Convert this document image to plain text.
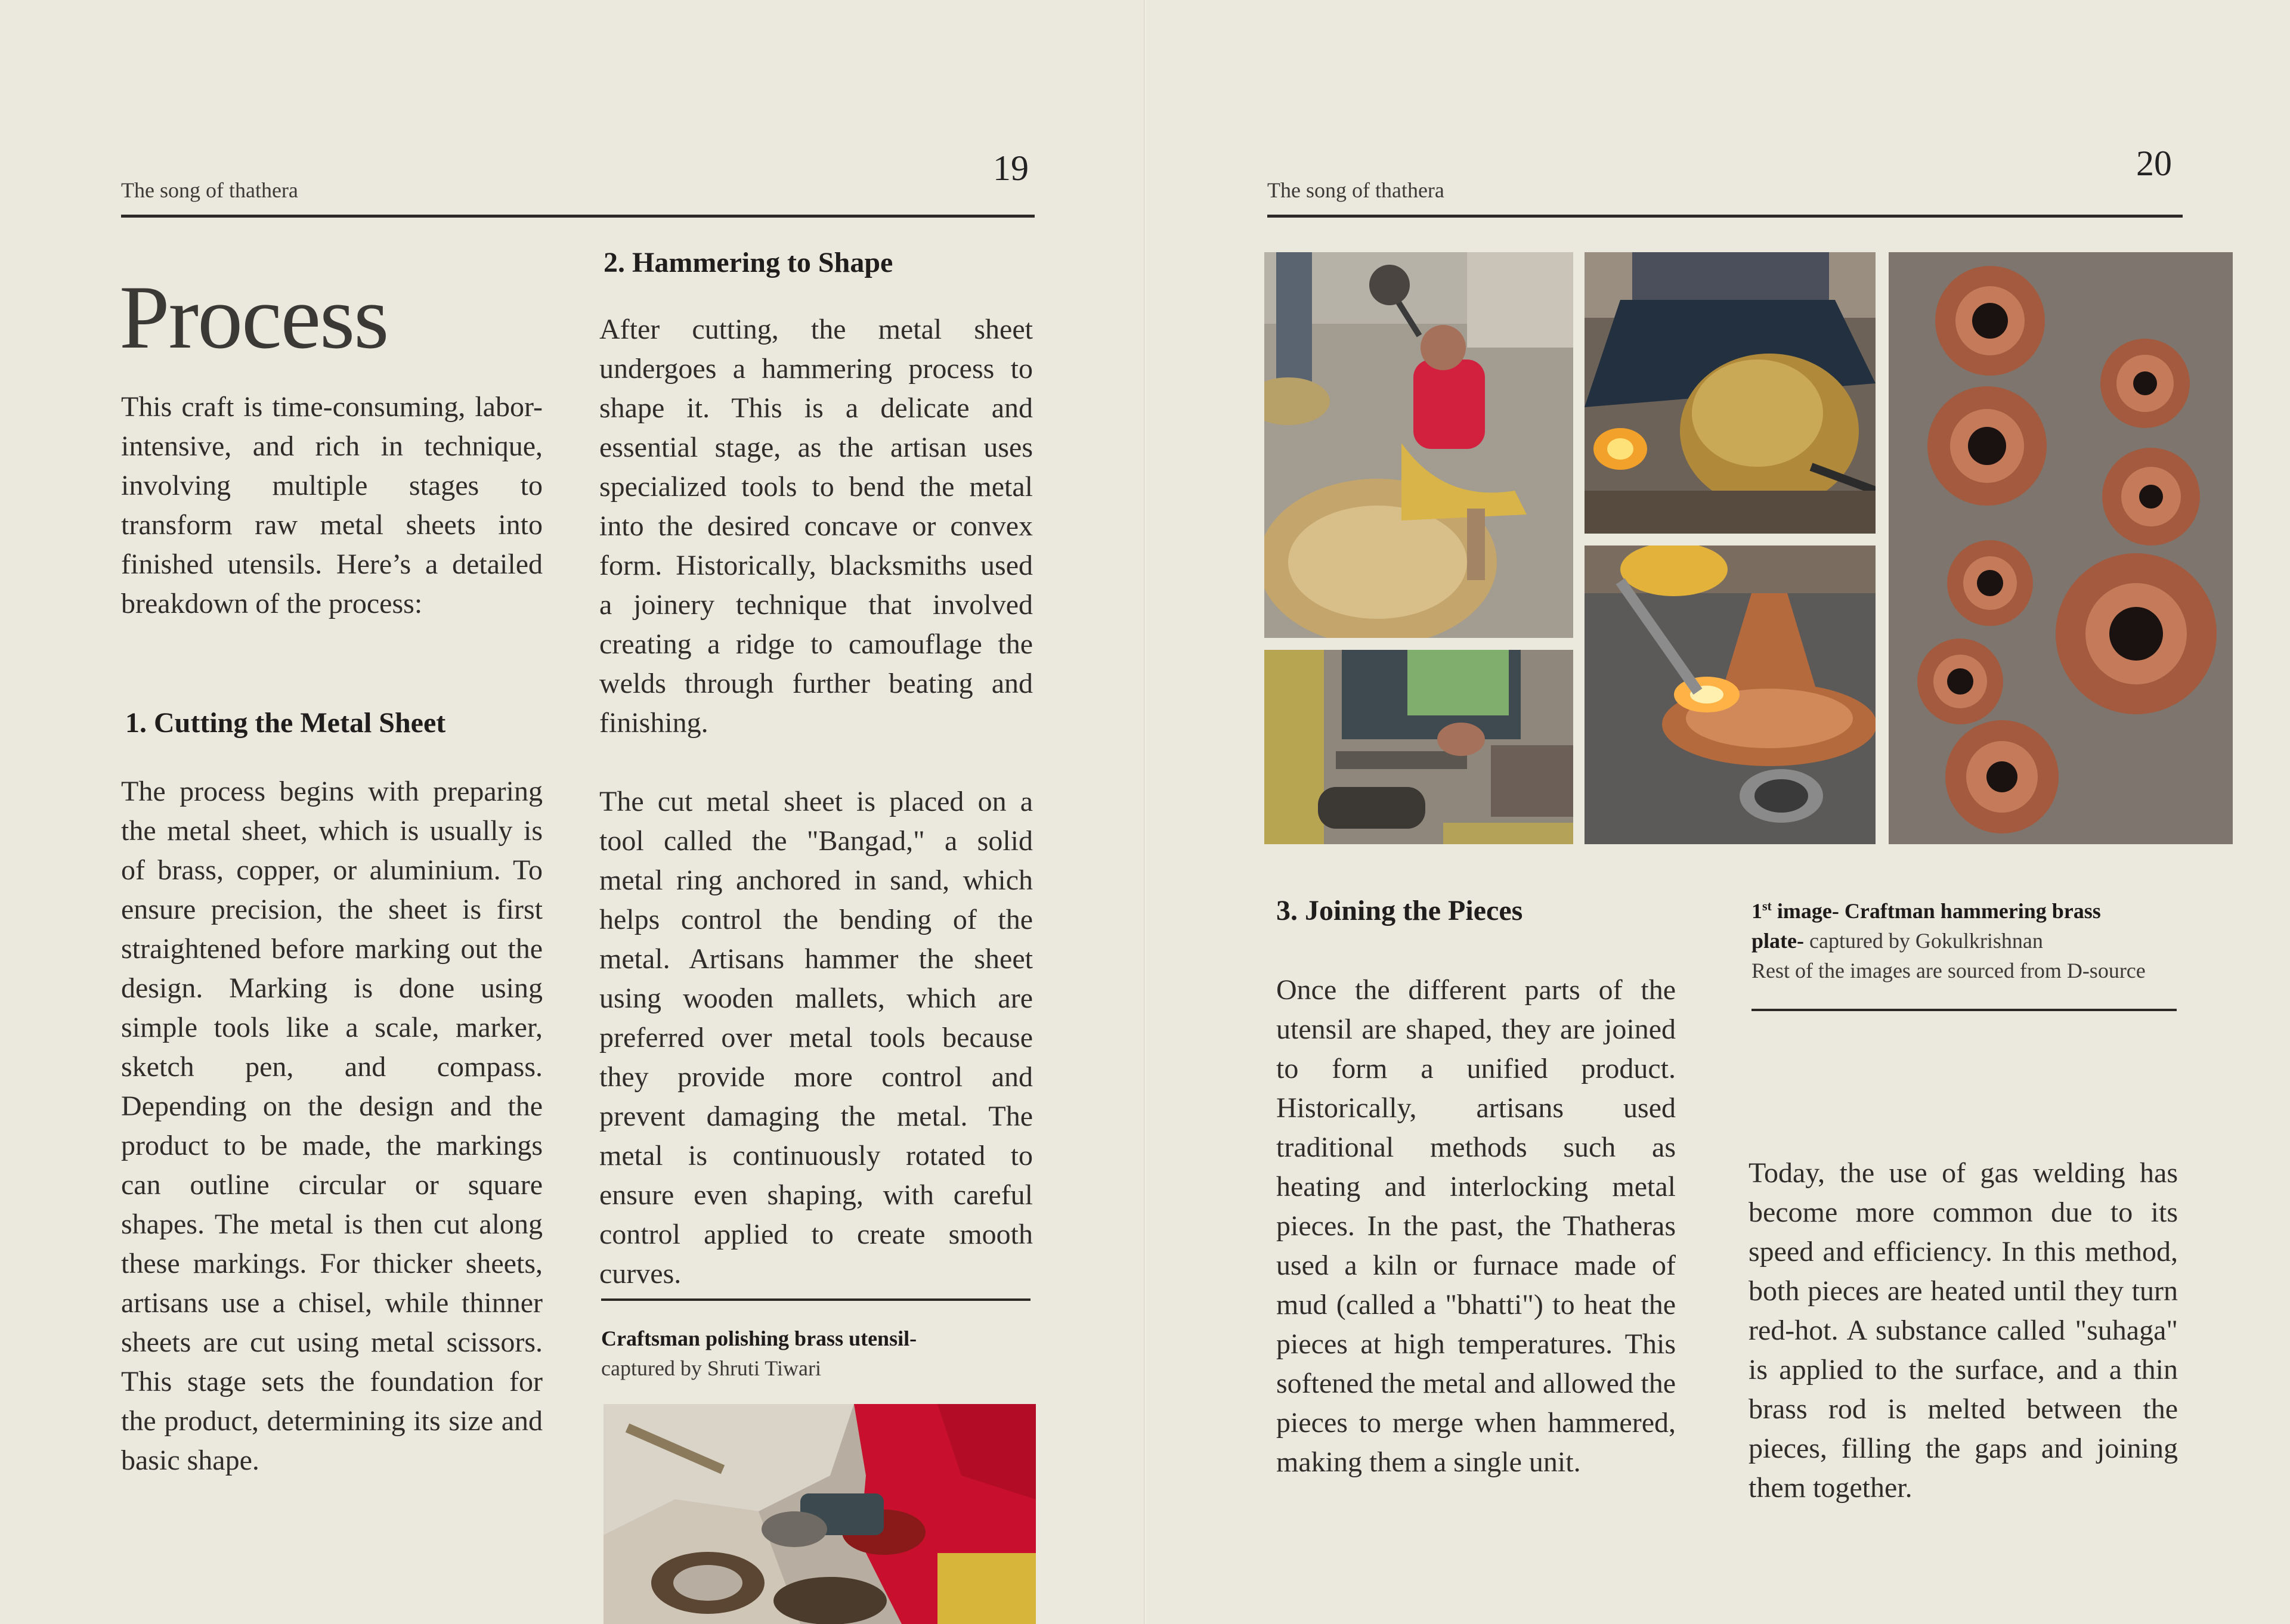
The song of thathera
19
Process
This craft is time-consuming, labor-intensive, and rich in technique, involving multiple stages to transform raw metal sheets into finished utensils. Here’s a detailed breakdown of the process:
1. Cutting the Metal Sheet
The process begins with preparing the metal sheet, which is usually is of brass, copper, or aluminium. To ensure precision, the sheet is first straightened before marking out the design. Marking is done using simple tools like a scale, marker, sketch pen, and compass. Depending on the design and the product to be made, the markings can outline circular or square shapes. The metal is then cut along these markings. For thicker sheets, artisans use a chisel, while thinner sheets are cut using metal scissors. This stage sets the foundation for the product, determining its size and basic shape.
2. Hammering to Shape
After cutting, the metal sheet undergoes a hammering process to shape it. This is a delicate and essential stage, as the artisan uses specialized tools to bend the metal into the desired concave or convex form. Historically, blacksmiths used a joinery technique that involved creating a ridge to camouflage the welds through further beating and finishing.
The cut metal sheet is placed on a tool called the "Bangad," a solid metal ring anchored in sand, which helps control the bending of the metal. Artisans hammer the sheet using wooden mallets, which are preferred over metal tools because they provide more control and prevent damaging the metal. The metal is continuously rotated to ensure even shaping, with careful control applied to create smooth curves.
Craftsman polishing brass utensil-
captured by Shruti Tiwari
The song of thathera
20
3. Joining the Pieces
Once the different parts of the utensil are shaped, they are joined to form a unified product. Historically, artisans used traditional methods such as heating and interlocking metal pieces. In the past, the Thatheras used a kiln or furnace made of mud (called a "bhatti") to heat the pieces at high temperatures. This softened the metal and allowed the pieces to merge when hammered, making them a single unit.
1st image- Craftman hammering brass
plate- captured by Gokulkrishnan
Rest of the images are sourced from D-source
Today, the use of gas welding has become more common due to its speed and efficiency. In this method, both pieces are heated until they turn red-hot. A substance called "suhaga" is applied to the surface, and a thin brass rod is melted between the pieces, filling the gaps and joining them together.
